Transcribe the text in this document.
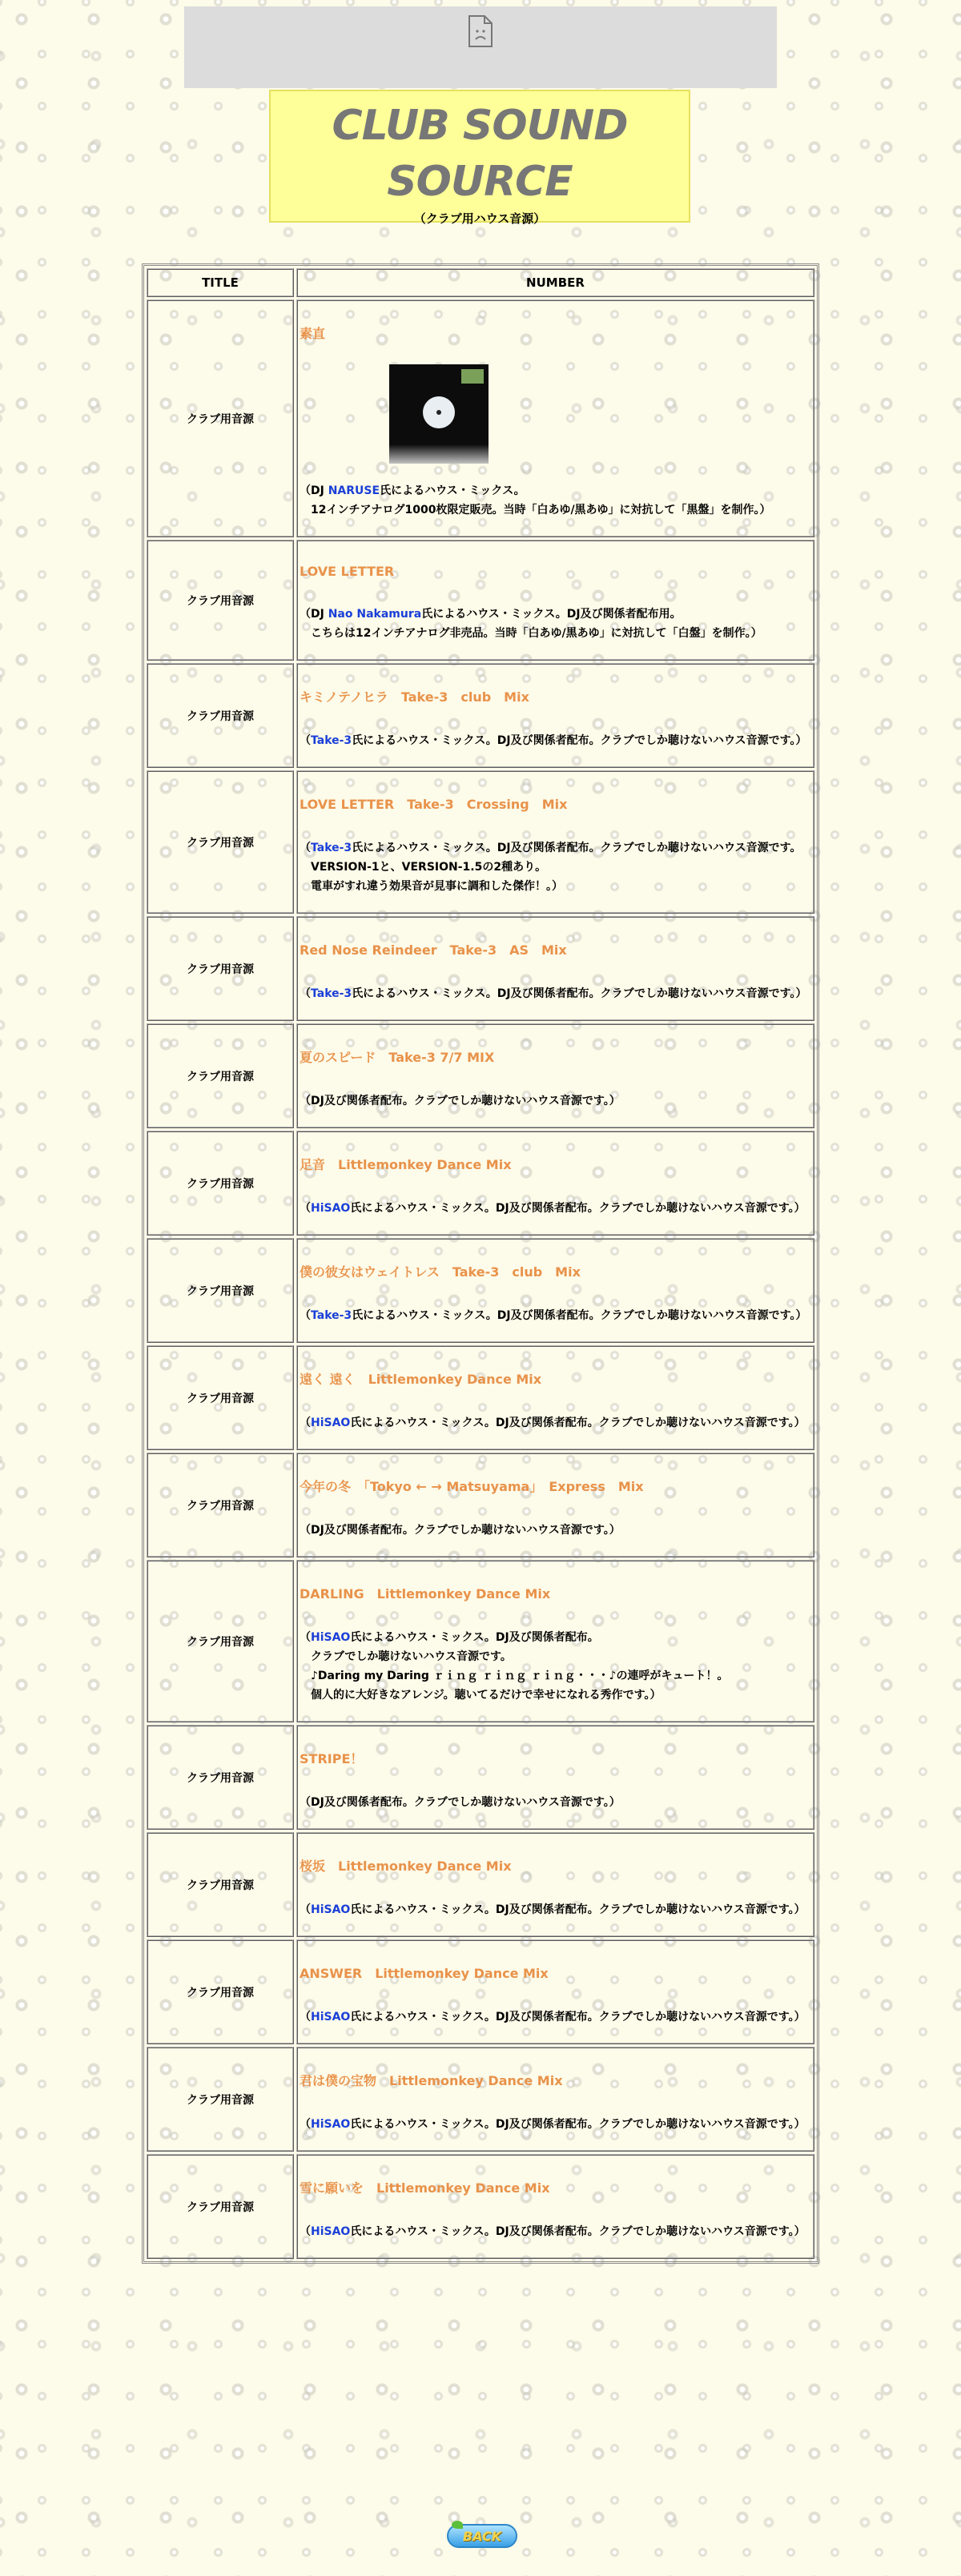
CLUB SOUND SOURCE
（クラブ用ハウス音源）
TITLE	NUMBER
クラブ用音源	素直
（DJ NARUSE氏によるハウス・ミックス。
　12インチアナログ1000枚限定販売。当時「白あゆ/黒あゆ」に対抗して「黒盤」を制作。）

クラブ用音源	LOVE LETTER
（DJ Nao Nakamura氏によるハウス・ミックス。DJ及び関係者配布用。
　こちらは12インチアナログ非売品。当時「白あゆ/黒あゆ」に対抗して「白盤」を制作。）

クラブ用音源	キミノテノヒラ　Take-3　club　Mix
（Take-3氏によるハウス・ミックス。DJ及び関係者配布。クラブでしか聴けないハウス音源です。）

クラブ用音源	LOVE LETTER　Take-3　Crossing　Mix
（Take-3氏によるハウス・ミックス。DJ及び関係者配布。クラブでしか聴けないハウス音源です。
　VERSION-1と、VERSION-1.5の2種あり。
　電車がすれ違う効果音が見事に調和した傑作！。）

クラブ用音源	Red Nose Reindeer　Take-3　AS　Mix
（Take-3氏によるハウス・ミックス。DJ及び関係者配布。クラブでしか聴けないハウス音源です。）

クラブ用音源	夏のスピード　Take-3 7/7 MIX
（DJ及び関係者配布。クラブでしか聴けないハウス音源です。）

クラブ用音源	足音　Littlemonkey Dance Mix
（HiSAO氏によるハウス・ミックス。DJ及び関係者配布。クラブでしか聴けないハウス音源です。）

クラブ用音源	僕の彼女はウェイトレス　Take-3　club　Mix
（Take-3氏によるハウス・ミックス。DJ及び関係者配布。クラブでしか聴けないハウス音源です。）

クラブ用音源	遠く 遠く　Littlemonkey Dance Mix
（HiSAO氏によるハウス・ミックス。DJ及び関係者配布。クラブでしか聴けないハウス音源です。）

クラブ用音源	今年の冬　「Tokyo ← → Matsuyama」　Express　Mix
（DJ及び関係者配布。クラブでしか聴けないハウス音源です。）

クラブ用音源	DARLING　Littlemonkey Dance Mix
（HiSAO氏によるハウス・ミックス。DJ及び関係者配布。
　クラブでしか聴けないハウス音源です。
　♪Daring my Daring ｒｉｎｇ ｒｉｎｇ ｒｉｎｇ・・・♪の連呼がキュート！。
　個人的に大好きなアレンジ。聴いてるだけで幸せになれる秀作です。）

クラブ用音源	STRIPE！
（DJ及び関係者配布。クラブでしか聴けないハウス音源です。）

クラブ用音源	桜坂　Littlemonkey Dance Mix
（HiSAO氏によるハウス・ミックス。DJ及び関係者配布。クラブでしか聴けないハウス音源です。）

クラブ用音源	ANSWER　Littlemonkey Dance Mix
（HiSAO氏によるハウス・ミックス。DJ及び関係者配布。クラブでしか聴けないハウス音源です。）

クラブ用音源	君は僕の宝物　Littlemonkey Dance Mix
（HiSAO氏によるハウス・ミックス。DJ及び関係者配布。クラブでしか聴けないハウス音源です。）

クラブ用音源	雪に願いを　Littlemonkey Dance Mix
（HiSAO氏によるハウス・ミックス。DJ及び関係者配布。クラブでしか聴けないハウス音源です。）
BACK
